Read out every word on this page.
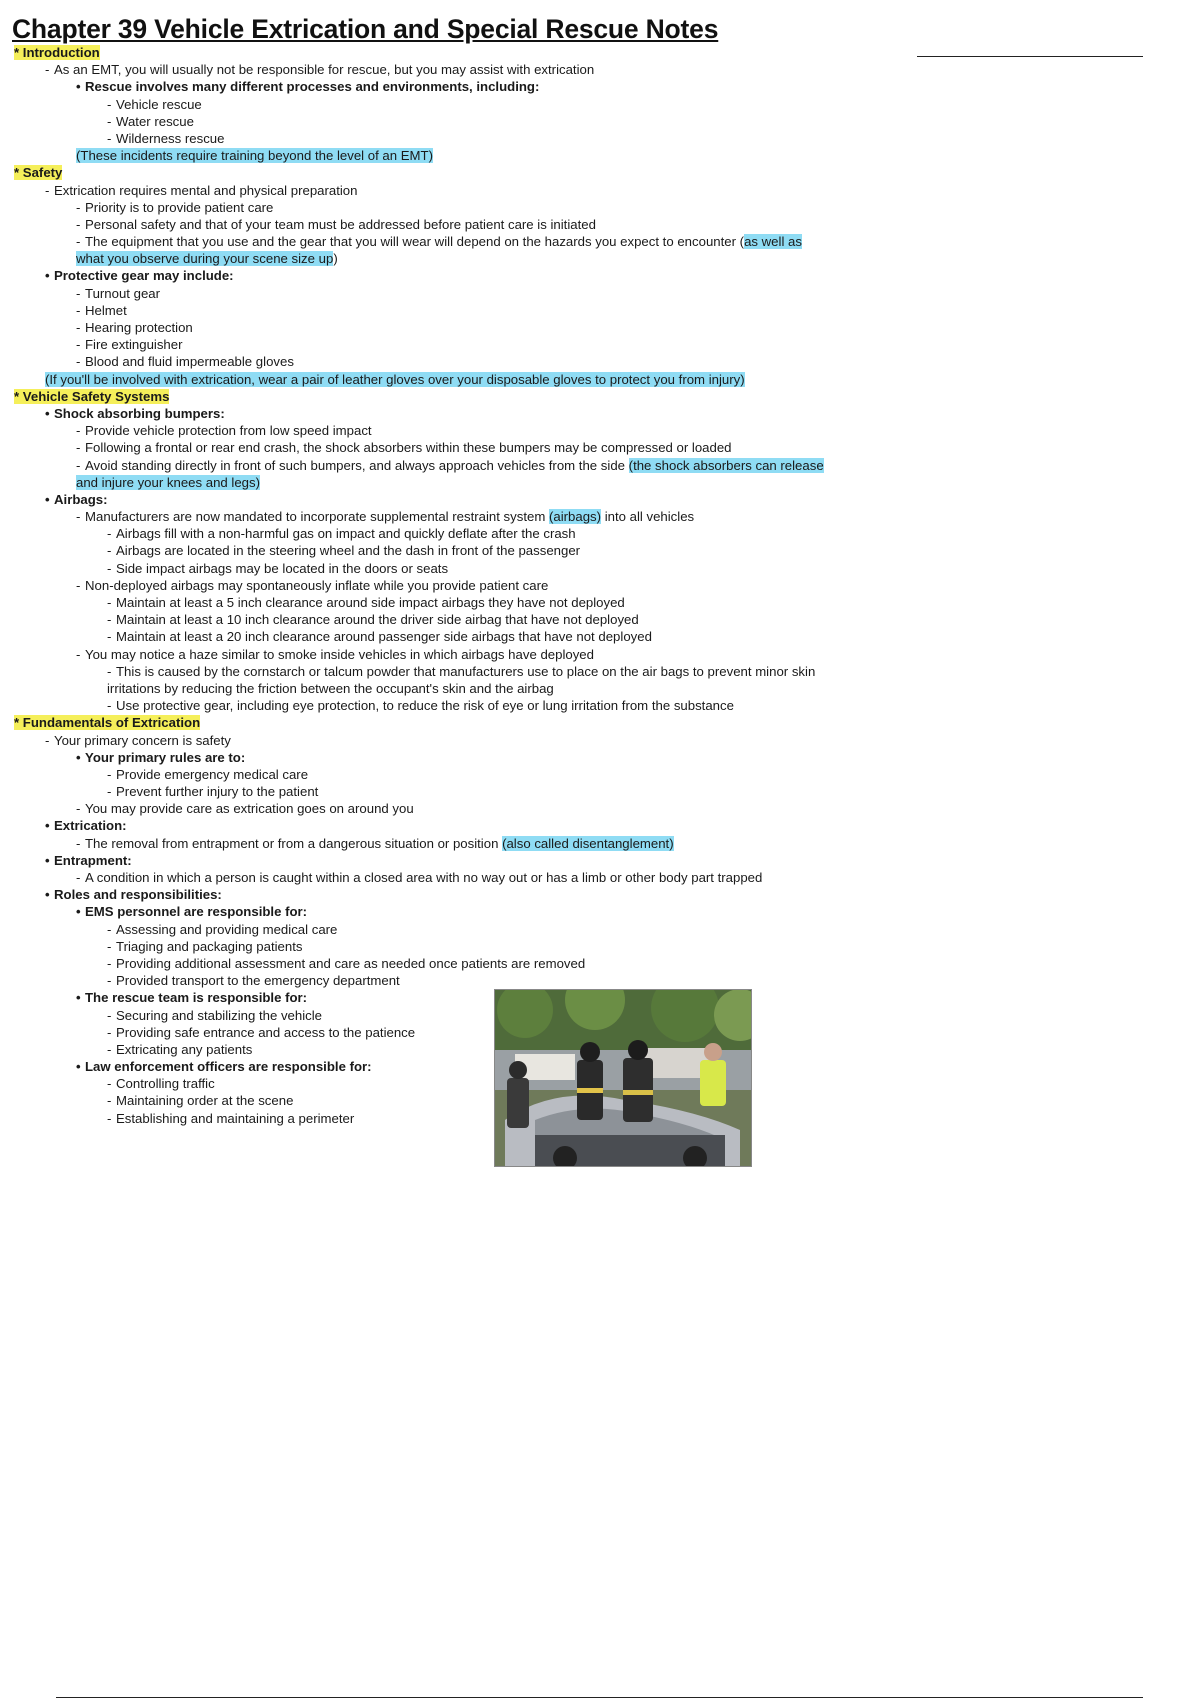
Chapter 39 Vehicle Extrication and Special Rescue Notes
* Introduction
- As an EMT, you will usually not be responsible for rescue, but you may assist with extrication
• Rescue involves many different processes and environments, including:
- Vehicle rescue
- Water rescue
- Wilderness rescue
(These incidents require training beyond the level of an EMT)
* Safety
- Extrication requires mental and physical preparation
- Priority is to provide patient care
- Personal safety and that of your team must be addressed before patient care is initiated
- The equipment that you use and the gear that you will wear will depend on the hazards you expect to encounter (as well as
what you observe during your scene size up)
• Protective gear may include:
- Turnout gear
- Helmet
- Hearing protection
- Fire extinguisher
- Blood and fluid impermeable gloves
(If you'll be involved with extrication, wear a pair of leather gloves over your disposable gloves to protect you from injury)
* Vehicle Safety Systems
• Shock absorbing bumpers:
- Provide vehicle protection from low speed impact
- Following a frontal or rear end crash, the shock absorbers within these bumpers may be compressed or loaded
- Avoid standing directly in front of such bumpers, and always approach vehicles from the side (the shock absorbers can release
and injure your knees and legs)
• Airbags:
- Manufacturers are now mandated to incorporate supplemental restraint system (airbags) into all vehicles
- Airbags fill with a non-harmful gas on impact and quickly deflate after the crash
- Airbags are located in the steering wheel and the dash in front of the passenger
- Side impact airbags may be located in the doors or seats
- Non-deployed airbags may spontaneously inflate while you provide patient care
- Maintain at least a 5 inch clearance around side impact airbags they have not deployed
- Maintain at least a 10 inch clearance around the driver side airbag that have not deployed
- Maintain at least a 20 inch clearance around passenger side airbags that have not deployed
- You may notice a haze similar to smoke inside vehicles in which airbags have deployed
- This is caused by the cornstarch or talcum powder that manufacturers use to place on the air bags to prevent minor skin
irritations by reducing the friction between the occupant's skin and the airbag
- Use protective gear, including eye protection, to reduce the risk of eye or lung irritation from the substance
* Fundamentals of Extrication
- Your primary concern is safety
• Your primary rules are to:
- Provide emergency medical care
- Prevent further injury to the patient
- You may provide care as extrication goes on around you
• Extrication:
- The removal from entrapment or from a dangerous situation or position (also called disentanglement)
• Entrapment:
- A condition in which a person is caught within a closed area with no way out or has a limb or other body part trapped
• Roles and responsibilities:
• EMS personnel are responsible for:
- Assessing and providing medical care
- Triaging and packaging patients
- Providing additional assessment and care as needed once patients are removed
- Provided transport to the emergency department
• The rescue team is responsible for:
- Securing and stabilizing the vehicle
- Providing safe entrance and access to the patience
- Extricating any patients
• Law enforcement officers are responsible for:
- Controlling traffic
- Maintaining order at the scene
- Establishing and maintaining a perimeter
